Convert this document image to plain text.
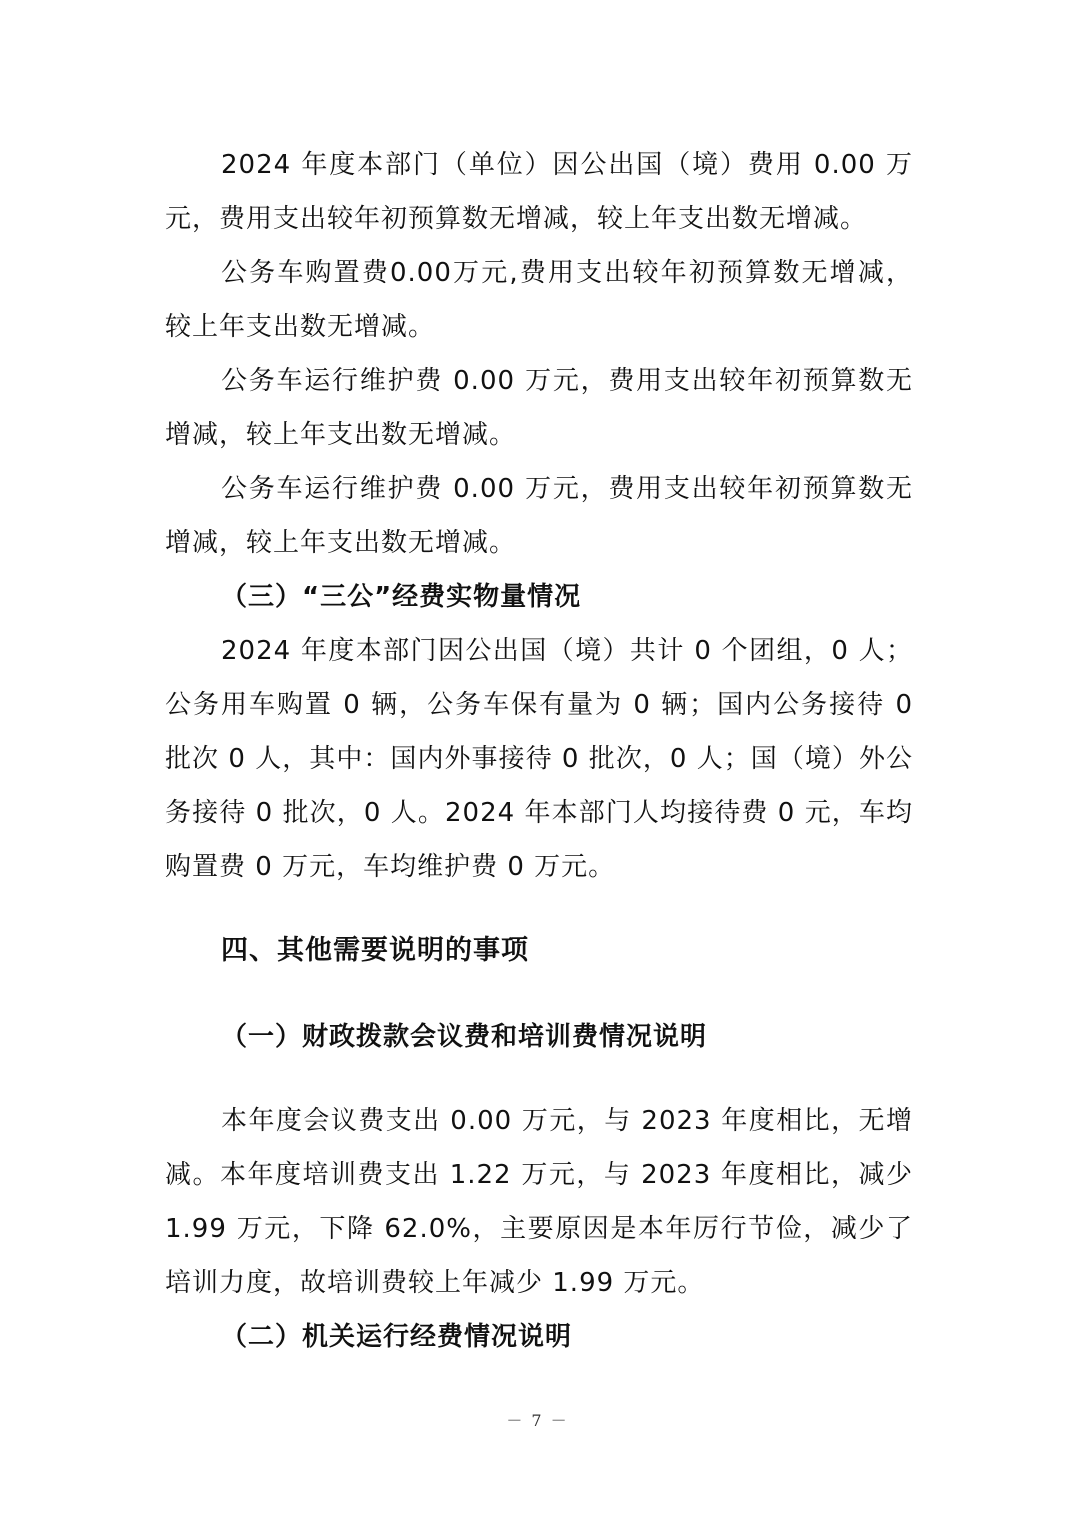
2024 年度本部门（单位）因公出国（境）费用 0.00 万元，费用支出较年初预算数无增减，较上年支出数无增减。

公务车购置费0.00万元,费用支出较年初预算数无增减，较上年支出数无增减。

公务车运行维护费 0.00 万元，费用支出较年初预算数无增减，较上年支出数无增减。

公务车运行维护费 0.00 万元，费用支出较年初预算数无增减，较上年支出数无增减。

（三）“三公”经费实物量情况

2024 年度本部门因公出国（境）共计 0 个团组，0 人；公务用车购置 0 辆，公务车保有量为 0 辆；国内公务接待 0 批次 0 人，其中：国内外事接待 0 批次，0 人；国（境）外公务接待 0 批次，0 人。2024 年本部门人均接待费 0 元，车均购置费 0 万元，车均维护费 0 万元。

四、其他需要说明的事项

（一）财政拨款会议费和培训费情况说明

本年度会议费支出 0.00 万元，与 2023 年度相比，无增减。本年度培训费支出 1.22 万元，与 2023 年度相比，减少 1.99 万元，下降 62.0%，主要原因是本年厉行节俭，减少了培训力度，故培训费较上年减少 1.99 万元。

（二）机关运行经费情况说明

－ 7 －
